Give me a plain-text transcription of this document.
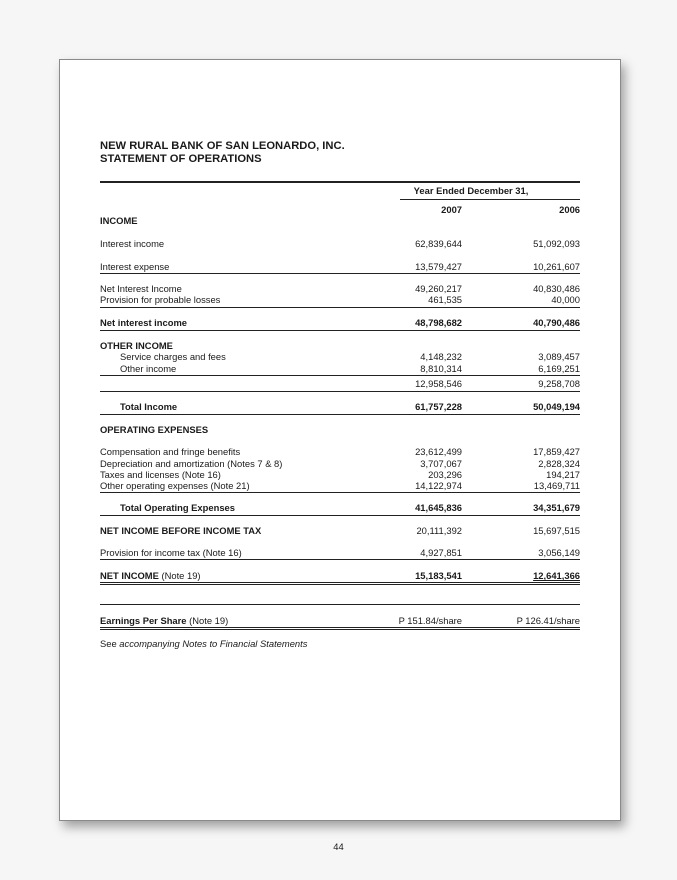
NEW RURAL BANK OF SAN LEONARDO, INC.
STATEMENT OF OPERATIONS
Year Ended December 31,
2007	2006
INCOME
Interest income	62,839,644	51,092,093
Interest expense	13,579,427	10,261,607
Net Interest Income	49,260,217	40,830,486
Provision for probable losses	461,535	40,000
Net interest income	48,798,682	40,790,486
OTHER INCOME
Service charges and fees	4,148,232	3,089,457
Other income	8,810,314	6,169,251
12,958,546	9,258,708
Total Income	61,757,228	50,049,194
OPERATING EXPENSES
Compensation and fringe benefits	23,612,499	17,859,427
Depreciation and amortization (Notes 7 & 8)	3,707,067	2,828,324
Taxes and licenses (Note 16)	203,296	194,217
Other operating expenses (Note 21)	14,122,974	13,469,711
Total Operating Expenses	41,645,836	34,351,679
NET INCOME BEFORE INCOME TAX	20,111,392	15,697,515
Provision for income tax (Note 16)	4,927,851	3,056,149
NET INCOME (Note 19)	15,183,541	12,641,366
Earnings Per Share (Note 19)	P 151.84/share	P 126.41/share
See accompanying Notes to Financial Statements
44
